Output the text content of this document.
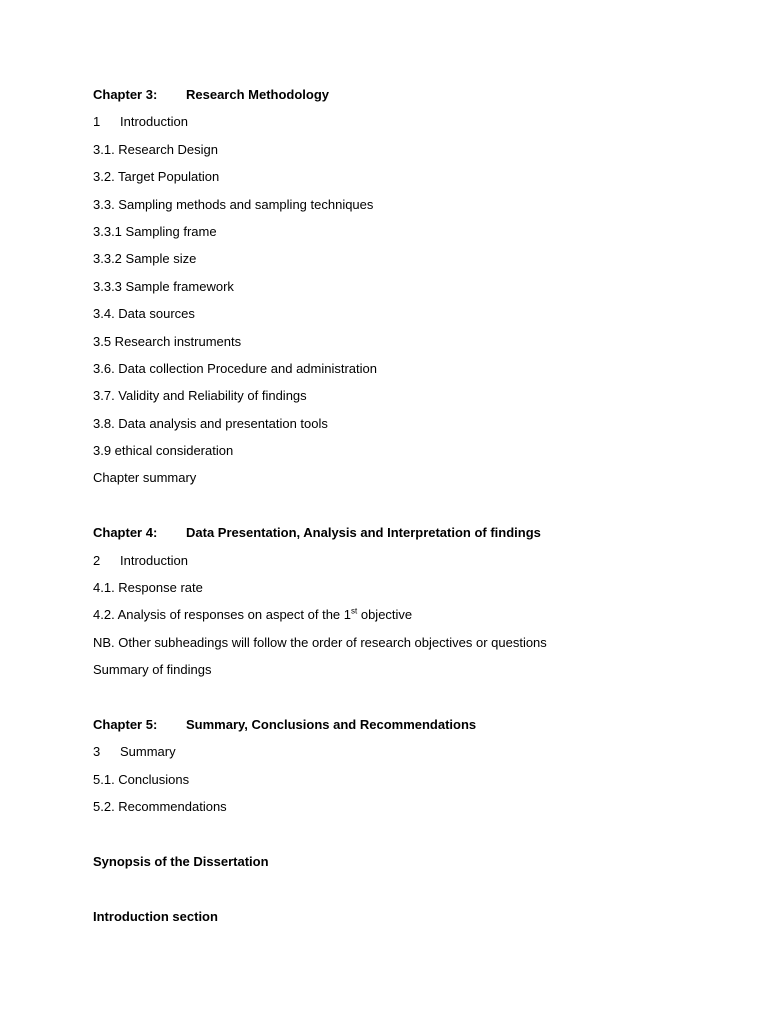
Chapter 3: Research Methodology
1 Introduction
3.1. Research Design
3.2. Target Population
3.3. Sampling methods and sampling techniques
3.3.1 Sampling frame
3.3.2 Sample size
3.3.3 Sample framework
3.4. Data sources
3.5 Research instruments
3.6. Data collection Procedure and administration
3.7. Validity and Reliability of findings
3.8. Data analysis and presentation tools
3.9 ethical consideration
Chapter summary
Chapter 4: Data Presentation, Analysis and Interpretation of findings
2 Introduction
4.1. Response rate
4.2. Analysis of responses on aspect of the 1st objective
NB. Other subheadings will follow the order of research objectives or questions
Summary of findings
Chapter 5: Summary, Conclusions and Recommendations
3 Summary
5.1. Conclusions
5.2. Recommendations
Synopsis of the Dissertation
Introduction section
